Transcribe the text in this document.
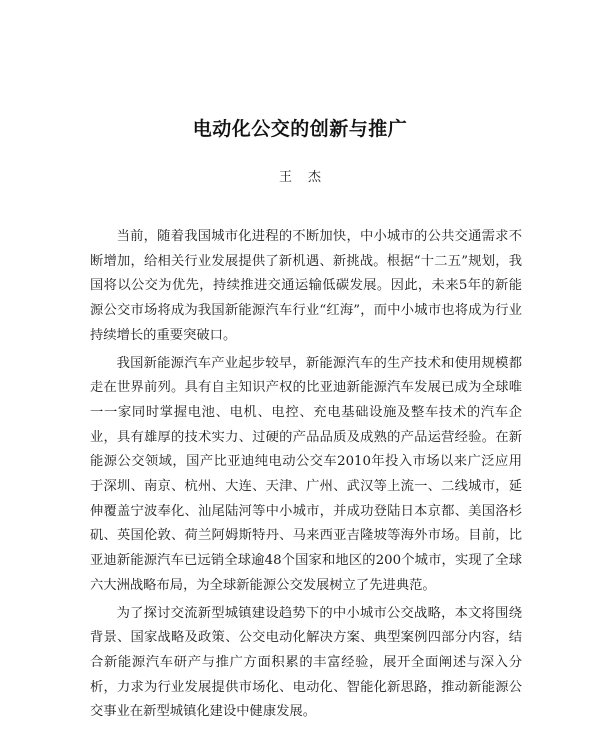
电动化公交的创新与推广
王杰

当前，随着我国城市化进程的不断加快，中小城市的公共交通需求不断增加，给相关行业发展提供了新机遇、新挑战。根据“十二五”规划，我国将以公交为优先，持续推进交通运输低碳发展。因此，未来5年的新能源公交市场将成为我国新能源汽车行业“红海”，而中小城市也将成为行业持续增长的重要突破口。

我国新能源汽车产业起步较早，新能源汽车的生产技术和使用规模都走在世界前列。具有自主知识产权的比亚迪新能源汽车发展已成为全球唯一一家同时掌握电池、电机、电控、充电基础设施及整车技术的汽车企业，具有雄厚的技术实力、过硬的产品品质及成熟的产品运营经验。在新能源公交领域，国产比亚迪纯电动公交车2010年投入市场以来广泛应用于深圳、南京、杭州、大连、天津、广州、武汉等上流一、二线城市，延伸覆盖宁波奉化、汕尾陆河等中小城市，并成功登陆日本京都、美国洛杉矶、英国伦敦、荷兰阿姆斯特丹、马来西亚吉隆坡等海外市场。目前，比亚迪新能源汽车已远销全球逾48个国家和地区的200个城市，实现了全球六大洲战略布局，为全球新能源公交发展树立了先进典范。

为了探讨交流新型城镇建设趋势下的中小城市公交战略，本文将围绕背景、国家战略及政策、公交电动化解决方案、典型案例四部分内容，结合新能源汽车研产与推广方面积累的丰富经验，展开全面阐述与深入分析，力求为行业发展提供市场化、电动化、智能化新思路，推动新能源公交事业在新型城镇化建设中健康发展。
